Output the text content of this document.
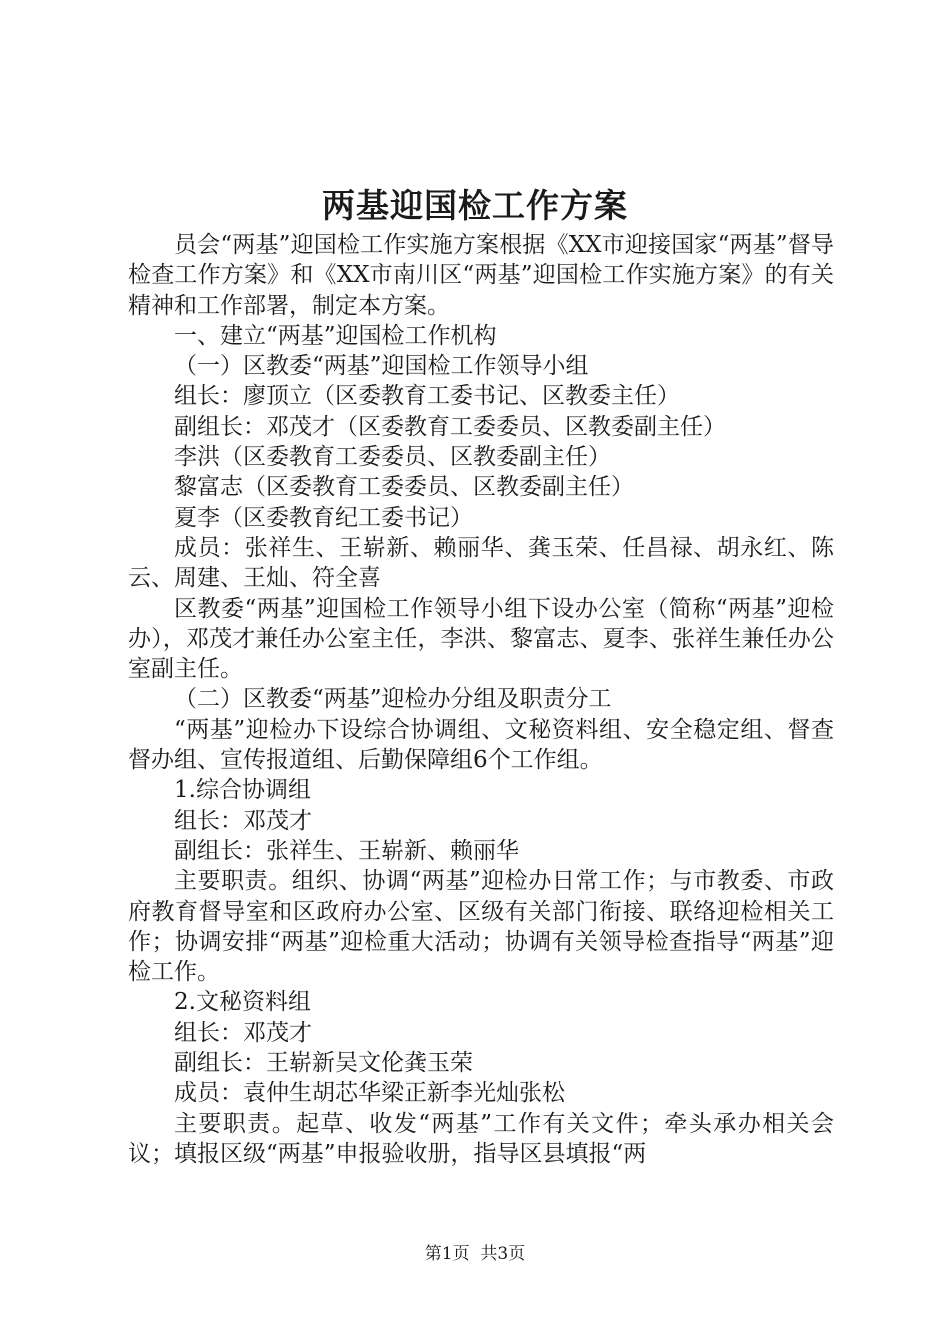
两基迎国检工作方案

员会“两基”迎国检工作实施方案根据《XX市迎接国家“两基”督导检查工作方案》和《XX市南川区“两基”迎国检工作实施方案》的有关精神和工作部署，制定本方案。

一、建立“两基”迎国检工作机构

（一）区教委“两基”迎国检工作领导小组

组长：廖顶立（区委教育工委书记、区教委主任）

副组长：邓茂才（区委教育工委委员、区教委副主任）

李洪（区委教育工委委员、区教委副主任）

黎富志（区委教育工委委员、区教委副主任）

夏李（区委教育纪工委书记）

成员：张祥生、王崭新、赖丽华、龚玉荣、任昌禄、胡永红、陈云、周建、王灿、符全喜

区教委“两基”迎国检工作领导小组下设办公室（简称“两基”迎检办），邓茂才兼任办公室主任，李洪、黎富志、夏李、张祥生兼任办公室副主任。

（二）区教委“两基”迎检办分组及职责分工

“两基”迎检办下设综合协调组、文秘资料组、安全稳定组、督查督办组、宣传报道组、后勤保障组6个工作组。

1.综合协调组

组长：邓茂才

副组长：张祥生、王崭新、赖丽华

主要职责。组织、协调“两基”迎检办日常工作；与市教委、市政府教育督导室和区政府办公室、区级有关部门衔接、联络迎检相关工作；协调安排“两基”迎检重大活动；协调有关领导检查指导“两基”迎检工作。

2.文秘资料组

组长：邓茂才

副组长：王崭新吴文伦龚玉荣

成员：袁仲生胡芯华梁正新李光灿张松

主要职责。起草、收发“两基”工作有关文件；牵头承办相关会议；填报区级“两基”申报验收册，指导区县填报“两

第1页 共3页
